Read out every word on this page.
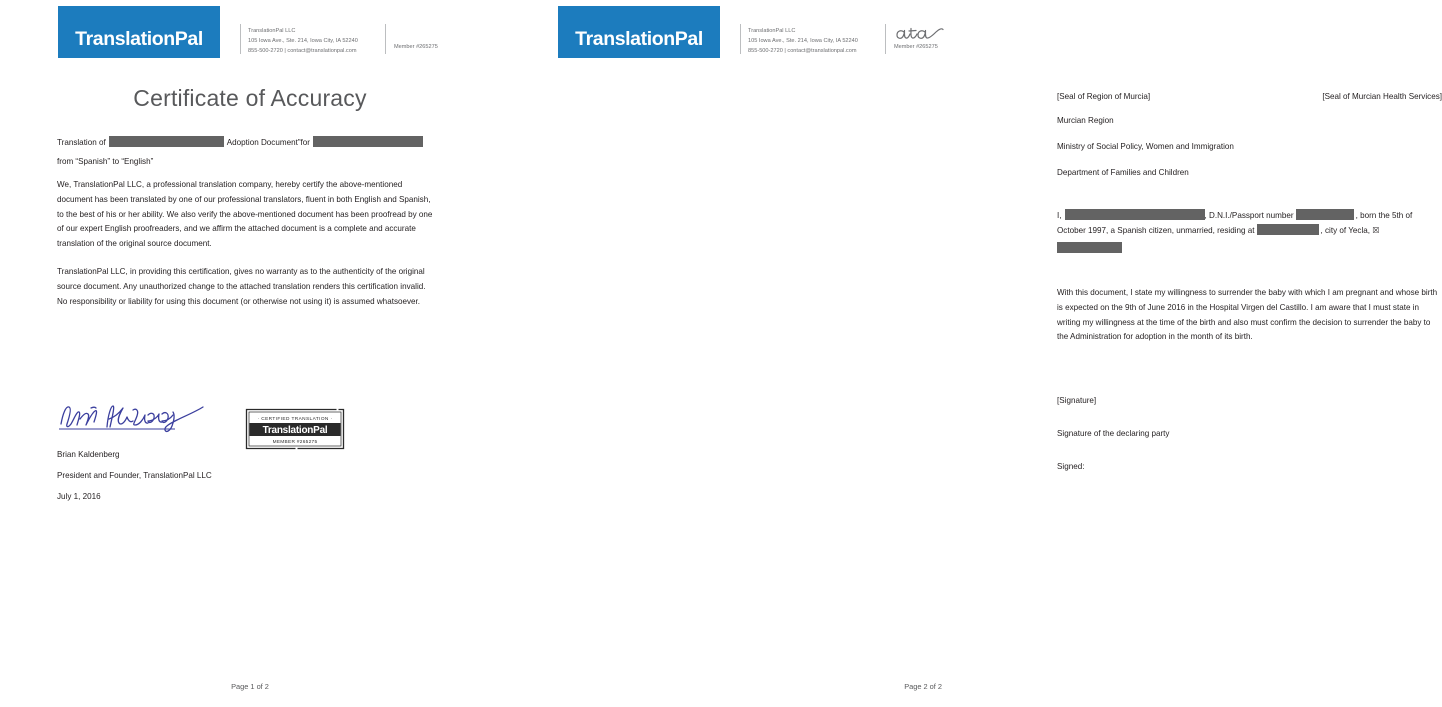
TranslationPal	TranslationPal LLC
105 Iowa Ave., Ste. 214, Iowa City, IA 52240
855-500-2720 | contact@translationpal.com
Member #265275
Certificate of Accuracy
Translation of	Adoption Document”for
from “Spanish” to “English”

We, TranslationPal LLC, a professional translation company, hereby certify the above-mentioned document has been translated by one of our professional translators, fluent in both English and Spanish, to the best of his or her ability. We also verify the above-mentioned document has been proofread by one of our expert English proofreaders, and we affirm the attached document is a complete and accurate translation of the original source document.

TranslationPal LLC, in providing this certification, gives no warranty as to the authenticity of the original source document. Any unauthorized change to the attached translation renders this certification invalid. No responsibility or liability for using this document (or otherwise not using it) is assumed whatsoever.

Brian Kaldenberg
President and Founder, TranslationPal LLC
July 1, 2016
· CERTIFIED TRANSLATION ·
TranslationPal
MEMBER #265275
Page 1 of 2
TranslationPal	TranslationPal LLC
105 Iowa Ave., Ste. 214, Iowa City, IA 52240
855-500-2720 | contact@translationpal.com
Member #265275
[Seal of Region of Murcia]	[Seal of Murcian Health Services]
Murcian Region
Ministry of Social Policy, Women and Immigration
Department of Families and Children
I,	, D.N.I./Passport number	, born the 5th of October 1997, a Spanish citizen, unmarried, residing at	, city of Yecla, ☒

With this document, I state my willingness to surrender the baby with which I am pregnant and whose birth is expected on the 9th of June 2016 in the Hospital Virgen del Castillo. I am aware that I must state in writing my willingness at the time of the birth and also must confirm the decision to surrender the baby to the Administration for adoption in the month of its birth.

[Signature]
Signature of the declaring party
Signed:
Page 2 of 2
